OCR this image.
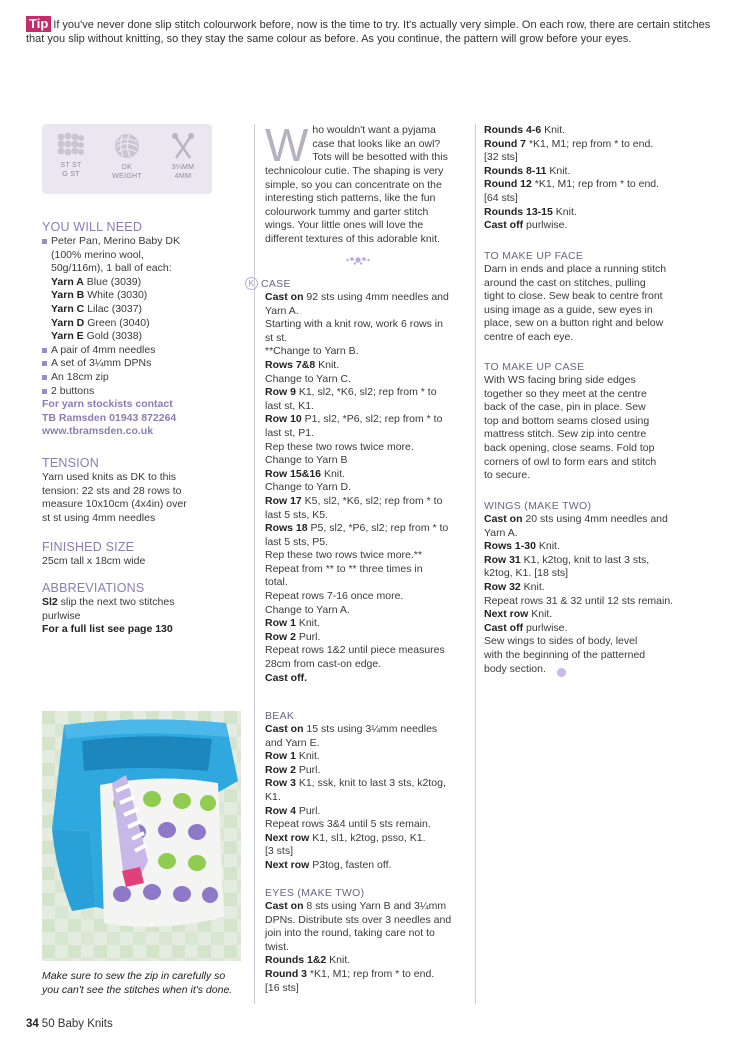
Tip If you've never done slip stitch colourwork before, now is the time to try. It's actually very simple. On each row, there are certain stitches that you slip without knitting, so they stay the same colour as before. As you continue, the pattern will grow before your eyes.
ST ST
G ST
DK
WEIGHT
3¼MM
4MM
YOU WILL NEED
Peter Pan, Merino Baby DK
(100% merino wool,
50g/116m), 1 ball of each:
Yarn A Blue (3039)
Yarn B White (3030)
Yarn C Lilac (3037)
Yarn D Green (3040)
Yarn E Gold (3038)
A pair of 4mm needles
A set of 3¼mm DPNs
An 18cm zip
2 buttons
For yarn stockists contact
TB Ramsden 01943 872264
www.tbramsden.co.uk
TENSION
Yarn used knits as DK to this
tension: 22 sts and 28 rows to
measure 10x10cm (4x4in) over
st st using 4mm needles
FINISHED SIZE
25cm tall x 18cm wide
ABBREVIATIONS
Sl2 slip the next two stitches
purlwise
For a full list see page 130
Make sure to sew the zip in carefully so
you can't see the stitches when it's done.
W ho wouldn't want a pyjama
case that looks like an owl?
Tots will be besotted with this
technicolour cutie. The shaping is very
simple, so you can concentrate on the
interesting stich patterns, like the fun
colourwork tummy and garter stitch
wings. Your little ones will love the
different textures of this adorable knit.
K CASE
Cast on 92 sts using 4mm needles and
Yarn A.
Starting with a knit row, work 6 rows in
st st.
**Change to Yarn B.
Rows 7&8 Knit.
Change to Yarn C.
Row 9 K1, sl2, *K6, sl2; rep from * to
last st, K1.
Row 10 P1, sl2, *P6, sl2; rep from * to
last st, P1.
Rep these two rows twice more.
Change to Yarn B
Row 15&16 Knit.
Change to Yarn D.
Row 17 K5, sl2, *K6, sl2; rep from * to
last 5 sts, K5.
Rows 18 P5, sl2, *P6, sl2; rep from * to
last 5 sts, P5.
Rep these two rows twice more.**
Repeat from ** to ** three times in
total.
Repeat rows 7-16 once more.
Change to Yarn A.
Row 1 Knit.
Row 2 Purl.
Repeat rows 1&2 until piece measures
28cm from cast-on edge.
Cast off.
BEAK
Cast on 15 sts using 3¼mm needles
and Yarn E.
Row 1 Knit.
Row 2 Purl.
Row 3 K1, ssk, knit to last 3 sts, k2tog,
K1.
Row 4 Purl.
Repeat rows 3&4 until 5 sts remain.
Next row K1, sl1, k2tog, psso, K1.
[3 sts]
Next row P3tog, fasten off.
EYES (MAKE TWO)
Cast on 8 sts using Yarn B and 3¼mm
DPNs. Distribute sts over 3 needles and
join into the round, taking care not to
twist.
Rounds 1&2 Knit.
Round 3 *K1, M1; rep from * to end.
[16 sts]
Rounds 4-6 Knit.
Round 7 *K1, M1; rep from * to end.
[32 sts]
Rounds 8-11 Knit.
Round 12 *K1, M1; rep from * to end.
[64 sts]
Rounds 13-15 Knit.
Cast off purlwise.
TO MAKE UP FACE
Darn in ends and place a running stitch
around the cast on stitches, pulling
tight to close. Sew beak to centre front
using image as a guide, sew eyes in
place, sew on a button right and below
centre of each eye.
TO MAKE UP CASE
With WS facing bring side edges
together so they meet at the centre
back of the case, pin in place. Sew
top and bottom seams closed using
mattress stitch. Sew zip into centre
back opening, close seams. Fold top
corners of owl to form ears and stitch
to secure.
WINGS (MAKE TWO)
Cast on 20 sts using 4mm needles and
Yarn A.
Rows 1-30 Knit.
Row 31 K1, k2tog, knit to last 3 sts,
k2tog, K1. [18 sts]
Row 32 Knit.
Repeat rows 31 & 32 until 12 sts remain.
Next row Knit.
Cast off purlwise.
Sew wings to sides of body, level
with the beginning of the patterned
body section.
34 50 Baby Knits
